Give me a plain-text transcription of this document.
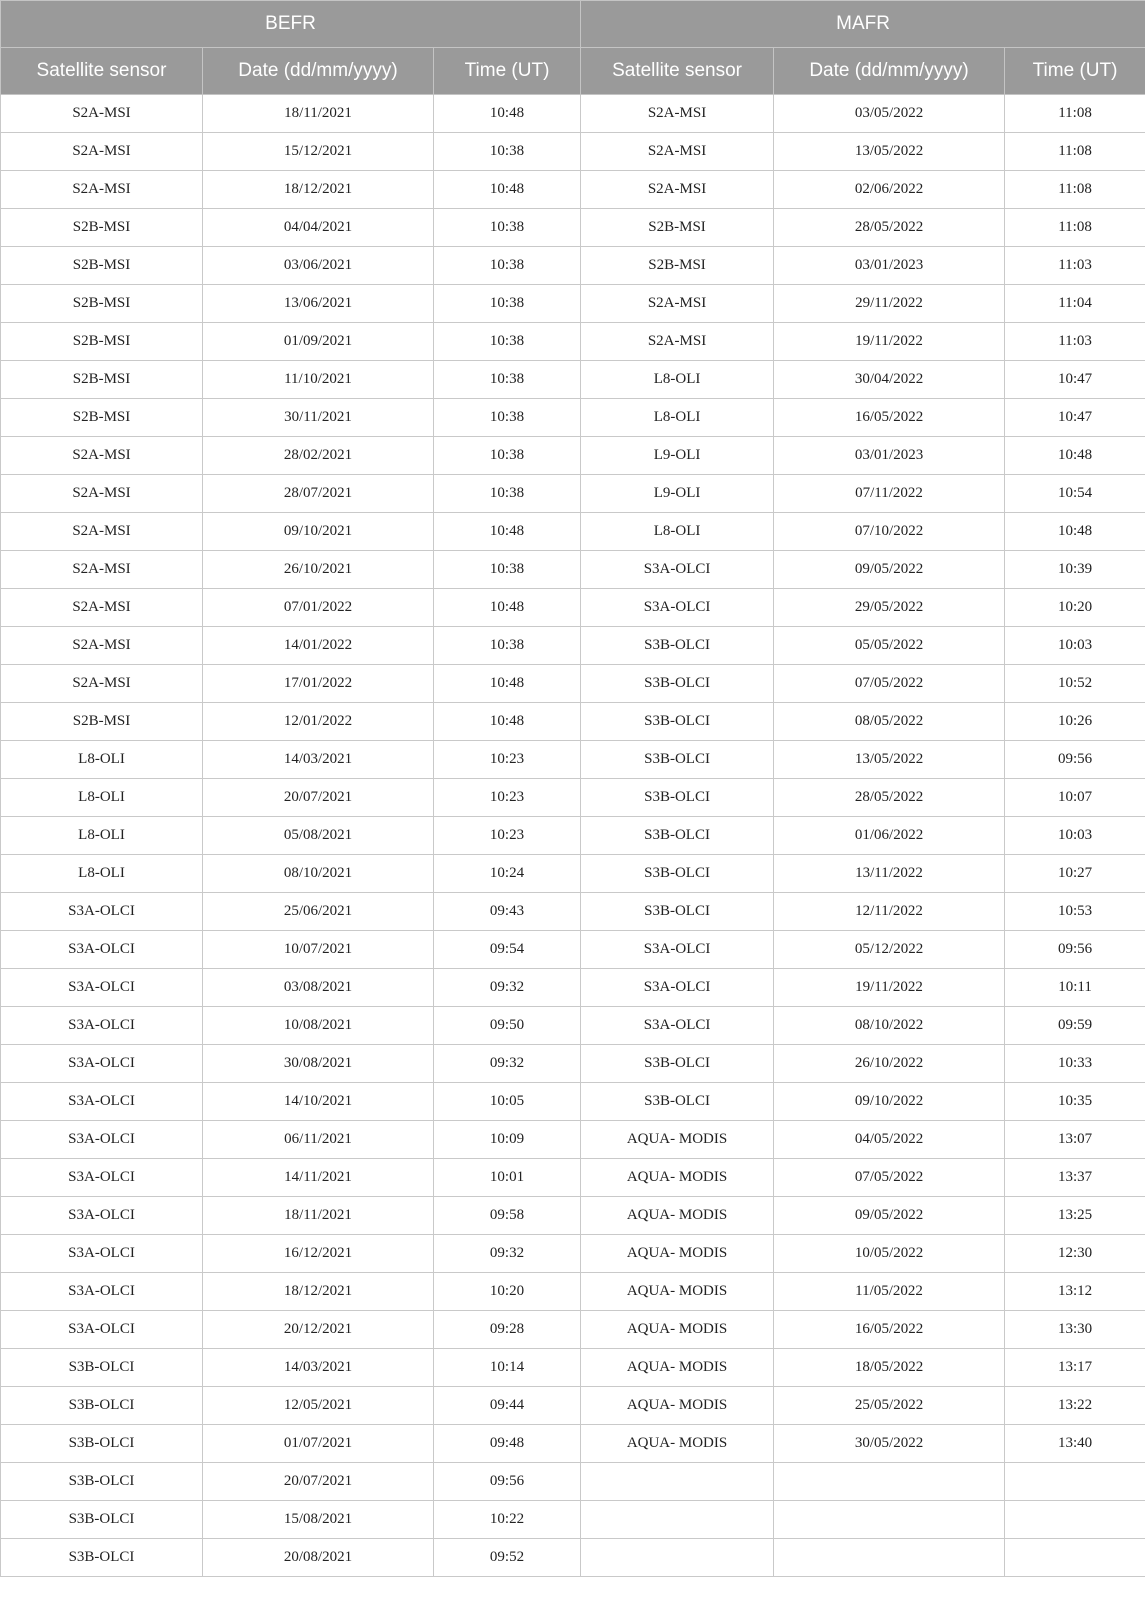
BEFR			MAFR		
Satellite sensor	Date (dd/mm/yyyy)	Time (UT)	Satellite sensor	Date (dd/mm/yyyy)	Time (UT)
S2A-MSI	18/11/2021	10:48	S2A-MSI	03/05/2022	11:08
S2A-MSI	15/12/2021	10:38	S2A-MSI	13/05/2022	11:08
S2A-MSI	18/12/2021	10:48	S2A-MSI	02/06/2022	11:08
S2B-MSI	04/04/2021	10:38	S2B-MSI	28/05/2022	11:08
S2B-MSI	03/06/2021	10:38	S2B-MSI	03/01/2023	11:03
S2B-MSI	13/06/2021	10:38	S2A-MSI	29/11/2022	11:04
S2B-MSI	01/09/2021	10:38	S2A-MSI	19/11/2022	11:03
S2B-MSI	11/10/2021	10:38	L8-OLI	30/04/2022	10:47
S2B-MSI	30/11/2021	10:38	L8-OLI	16/05/2022	10:47
S2A-MSI	28/02/2021	10:38	L9-OLI	03/01/2023	10:48
S2A-MSI	28/07/2021	10:38	L9-OLI	07/11/2022	10:54
S2A-MSI	09/10/2021	10:48	L8-OLI	07/10/2022	10:48
S2A-MSI	26/10/2021	10:38	S3A-OLCI	09/05/2022	10:39
S2A-MSI	07/01/2022	10:48	S3A-OLCI	29/05/2022	10:20
S2A-MSI	14/01/2022	10:38	S3B-OLCI	05/05/2022	10:03
S2A-MSI	17/01/2022	10:48	S3B-OLCI	07/05/2022	10:52
S2B-MSI	12/01/2022	10:48	S3B-OLCI	08/05/2022	10:26
L8-OLI	14/03/2021	10:23	S3B-OLCI	13/05/2022	09:56
L8-OLI	20/07/2021	10:23	S3B-OLCI	28/05/2022	10:07
L8-OLI	05/08/2021	10:23	S3B-OLCI	01/06/2022	10:03
L8-OLI	08/10/2021	10:24	S3B-OLCI	13/11/2022	10:27
S3A-OLCI	25/06/2021	09:43	S3B-OLCI	12/11/2022	10:53
S3A-OLCI	10/07/2021	09:54	S3A-OLCI	05/12/2022	09:56
S3A-OLCI	03/08/2021	09:32	S3A-OLCI	19/11/2022	10:11
S3A-OLCI	10/08/2021	09:50	S3A-OLCI	08/10/2022	09:59
S3A-OLCI	30/08/2021	09:32	S3B-OLCI	26/10/2022	10:33
S3A-OLCI	14/10/2021	10:05	S3B-OLCI	09/10/2022	10:35
S3A-OLCI	06/11/2021	10:09	AQUA- MODIS	04/05/2022	13:07
S3A-OLCI	14/11/2021	10:01	AQUA- MODIS	07/05/2022	13:37
S3A-OLCI	18/11/2021	09:58	AQUA- MODIS	09/05/2022	13:25
S3A-OLCI	16/12/2021	09:32	AQUA- MODIS	10/05/2022	12:30
S3A-OLCI	18/12/2021	10:20	AQUA- MODIS	11/05/2022	13:12
S3A-OLCI	20/12/2021	09:28	AQUA- MODIS	16/05/2022	13:30
S3B-OLCI	14/03/2021	10:14	AQUA- MODIS	18/05/2022	13:17
S3B-OLCI	12/05/2021	09:44	AQUA- MODIS	25/05/2022	13:22
S3B-OLCI	01/07/2021	09:48	AQUA- MODIS	30/05/2022	13:40
S3B-OLCI	20/07/2021	09:56			
S3B-OLCI	15/08/2021	10:22			
S3B-OLCI	20/08/2021	09:52			
